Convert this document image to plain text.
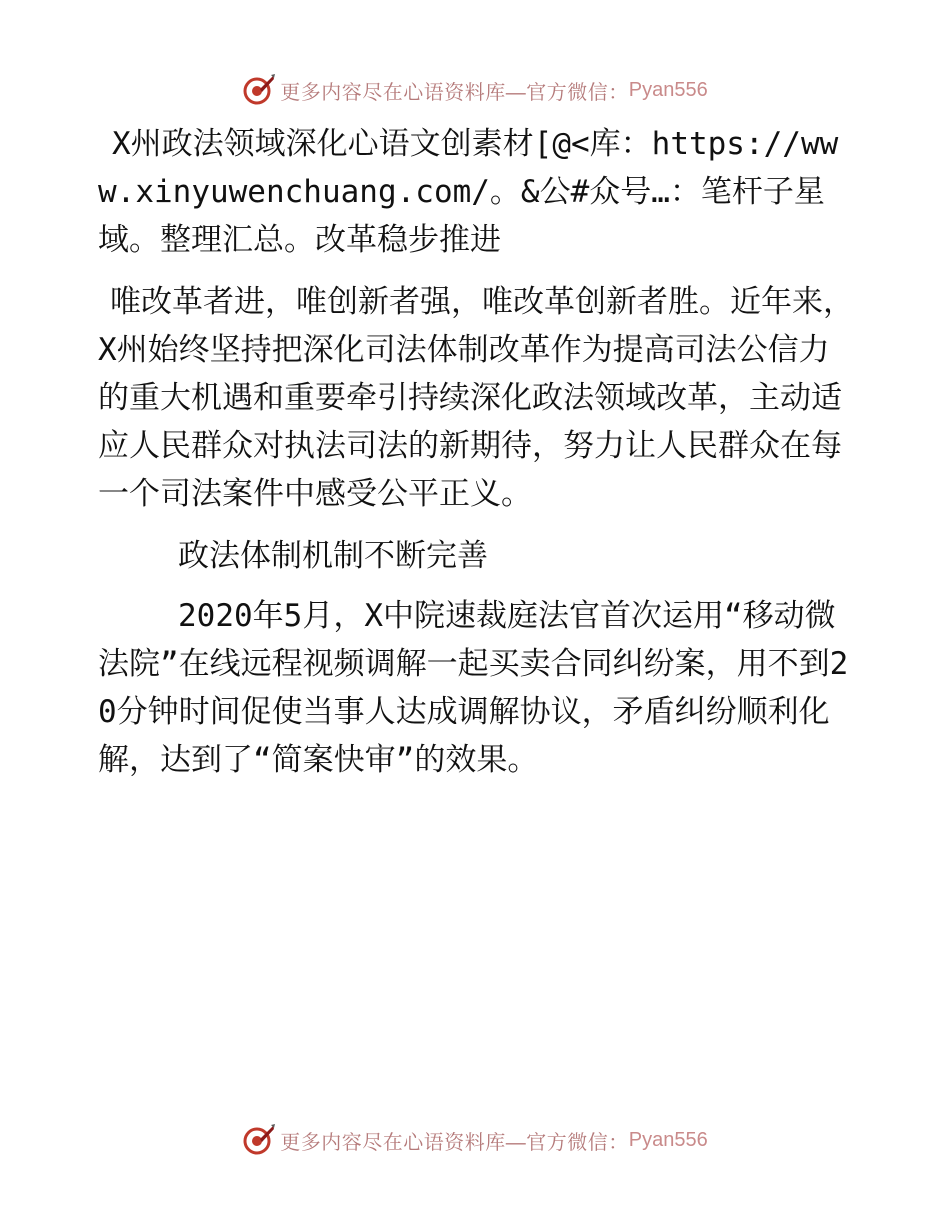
更多内容尽在心语资料库—官方微信： Pyan556

X州政法领域深化心语文创素材[@<库：https://www.xinyuwenchuang.com/。&公#众号…：笔杆子星域。整理汇总。改革稳步推进

唯改革者进，唯创新者强，唯改革创新者胜。近年来，X州始终坚持把深化司法体制改革作为提高司法公信力的重大机遇和重要牵引持续深化政法领域改革，主动适应人民群众对执法司法的新期待，努力让人民群众在每一个司法案件中感受公平正义。

政法体制机制不断完善

2020年5月，X中院速裁庭法官首次运用“移动微法院”在线远程视频调解一起买卖合同纠纷案，用不到20分钟时间促使当事人达成调解协议，矛盾纠纷顺利化解，达到了“简案快审”的效果。

更多内容尽在心语资料库—官方微信： Pyan556
